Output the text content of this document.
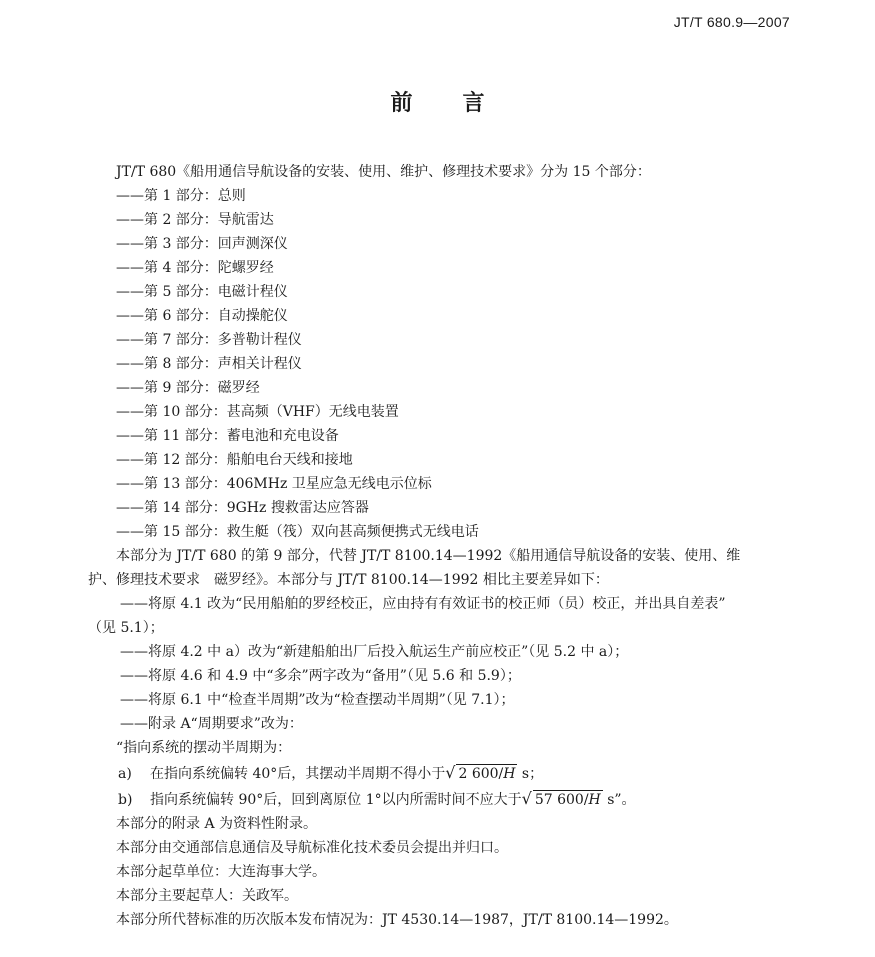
JT/T 680.9—2007
前 言
JT/T 680《船用通信导航设备的安装、使用、维护、修理技术要求》分为 15 个部分：
——第 1 部分：总则
——第 2 部分：导航雷达
——第 3 部分：回声测深仪
——第 4 部分：陀螺罗经
——第 5 部分：电磁计程仪
——第 6 部分：自动操舵仪
——第 7 部分：多普勒计程仪
——第 8 部分：声相关计程仪
——第 9 部分：磁罗经
——第 10 部分：甚高频（VHF）无线电装置
——第 11 部分：蓄电池和充电设备
——第 12 部分：船舶电台天线和接地
——第 13 部分：406MHz 卫星应急无线电示位标
——第 14 部分：9GHz 搜救雷达应答器
——第 15 部分：救生艇（筏）双向甚高频便携式无线电话
本部分为 JT/T 680 的第 9 部分，代替 JT/T 8100.14—1992《船用通信导航设备的安装、使用、维
护、修理技术要求　磁罗经》。本部分与 JT/T 8100.14—1992 相比主要差异如下：
——将原 4.1 改为“民用船舶的罗经校正，应由持有有效证书的校正师（员）校正，并出具自差表”
（见 5.1）；
——将原 4.2 中 a）改为“新建船舶出厂后投入航运生产前应校正”（见 5.2 中 a）；
——将原 4.6 和 4.9 中“多余”两字改为“备用”（见 5.6 和 5.9）；
——将原 6.1 中“检查半周期”改为“检查摆动半周期”（见 7.1）；
——附录 A“周期要求”改为：
“指向系统的摆动半周期为：
a) 在指向系统偏转 40°后，其摆动半周期不得小于√ 2 600/H s；
b) 指向系统偏转 90°后，回到离原位 1°以内所需时间不应大于√ 57 600/H s”。
本部分的附录 A 为资料性附录。
本部分由交通部信息通信及导航标准化技术委员会提出并归口。
本部分起草单位：大连海事大学。
本部分主要起草人：关政军。
本部分所代替标准的历次版本发布情况为：JT 4530.14—1987，JT/T 8100.14—1992。
